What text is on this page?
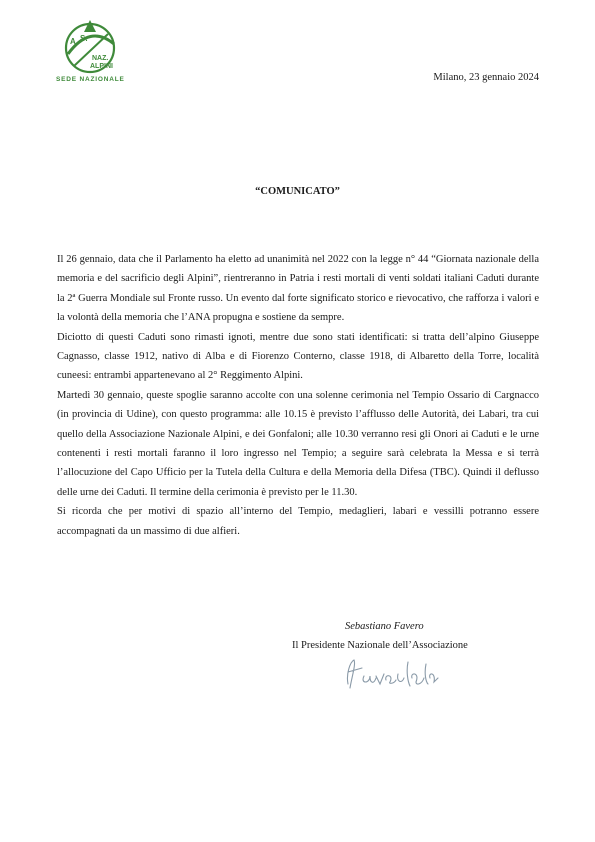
A. S.
NAZ.
ALPINI
SEDE NAZIONALE	Milano, 23 gennaio 2024
“COMUNICATO”

Il 26 gennaio, data che il Parlamento ha eletto ad unanimità nel 2022 con la legge n° 44 “Giornata nazionale della memoria e del sacrificio degli Alpini”, rientreranno in Patria i resti mortali di venti soldati italiani Caduti durante la 2ª Guerra Mondiale sul Fronte russo. Un evento dal forte significato storico e rievocativo, che rafforza i valori e la volontà della memoria che l’ANA propugna e sostiene da sempre.

Diciotto di questi Caduti sono rimasti ignoti, mentre due sono stati identificati: si tratta dell’alpino Giuseppe Cagnasso, classe 1912, nativo di Alba e di Fiorenzo Conterno, classe 1918, di Albaretto della Torre, località cuneesi: entrambi appartenevano al 2° Reggimento Alpini.

Martedì 30 gennaio, queste spoglie saranno accolte con una solenne cerimonia nel Tempio Ossario di Cargnacco (in provincia di Udine), con questo programma: alle 10.15 è previsto l’afflusso delle Autorità, dei Labari, tra cui quello della Associazione Nazionale Alpini, e dei Gonfaloni; alle 10.30 verranno resi gli Onori ai Caduti e le urne contenenti i resti mortali faranno il loro ingresso nel Tempio; a seguire sarà celebrata la Messa e si terrà l’allocuzione del Capo Ufficio per la Tutela della Cultura e della Memoria della Difesa (TBC). Quindi il deflusso delle urne dei Caduti. Il termine della cerimonia è previsto per le 11.30.

Si ricorda che per motivi di spazio all’interno del Tempio, medaglieri, labari e vessilli potranno essere accompagnati da un massimo di due alfieri.

Sebastiano Favero
Il Presidente Nazionale dell’Associazione
